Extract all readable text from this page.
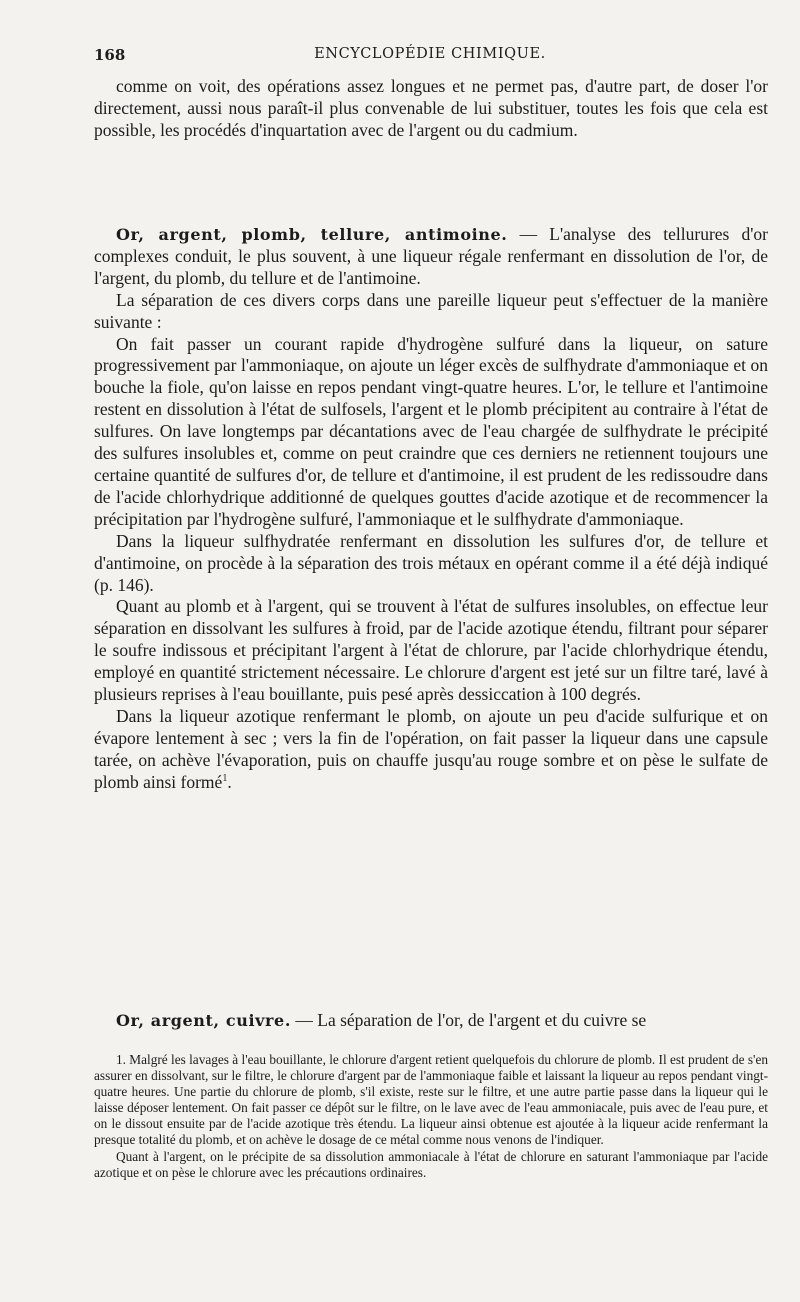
168	ENCYCLOPÉDIE CHIMIQUE.

comme on voit, des opérations assez longues et ne permet pas, d'autre part, de doser l'or directement, aussi nous paraît-il plus convenable de lui substituer, toutes les fois que cela est possible, les procédés d'inquartation avec de l'argent ou du cadmium.

Or, argent, plomb, tellure, antimoine. — L'analyse des tellurures d'or complexes conduit, le plus souvent, à une liqueur régale renfermant en dissolution de l'or, de l'argent, du plomb, du tellure et de l'antimoine.

La séparation de ces divers corps dans une pareille liqueur peut s'effectuer de la manière suivante :

On fait passer un courant rapide d'hydrogène sulfuré dans la liqueur, on sature progressivement par l'ammoniaque, on ajoute un léger excès de sulfhydrate d'ammoniaque et on bouche la fiole, qu'on laisse en repos pendant vingt-quatre heures. L'or, le tellure et l'antimoine restent en dissolution à l'état de sulfosels, l'argent et le plomb précipitent au contraire à l'état de sulfures. On lave longtemps par décantations avec de l'eau chargée de sulfhydrate le précipité des sulfures insolubles et, comme on peut craindre que ces derniers ne retiennent toujours une certaine quantité de sulfures d'or, de tellure et d'antimoine, il est prudent de les redissoudre dans de l'acide chlorhydrique additionné de quelques gouttes d'acide azotique et de recommencer la précipitation par l'hydrogène sulfuré, l'ammoniaque et le sulfhydrate d'ammoniaque.

Dans la liqueur sulfhydratée renfermant en dissolution les sulfures d'or, de tellure et d'antimoine, on procède à la séparation des trois métaux en opérant comme il a été déjà indiqué (p. 146).

Quant au plomb et à l'argent, qui se trouvent à l'état de sulfures insolubles, on effectue leur séparation en dissolvant les sulfures à froid, par de l'acide azotique étendu, filtrant pour séparer le soufre indissous et précipitant l'argent à l'état de chlorure, par l'acide chlorhydrique étendu, employé en quantité strictement nécessaire. Le chlorure d'argent est jeté sur un filtre taré, lavé à plusieurs reprises à l'eau bouillante, puis pesé après dessiccation à 100 degrés.

Dans la liqueur azotique renfermant le plomb, on ajoute un peu d'acide sulfurique et on évapore lentement à sec ; vers la fin de l'opération, on fait passer la liqueur dans une capsule tarée, on achève l'évaporation, puis on chauffe jusqu'au rouge sombre et on pèse le sulfate de plomb ainsi formé$^1$.

Or, argent, cuivre. — La séparation de l'or, de l'argent et du cuivre se

1. Malgré les lavages à l'eau bouillante, le chlorure d'argent retient quelquefois du chlorure de plomb. Il est prudent de s'en assurer en dissolvant, sur le filtre, le chlorure d'argent par de l'ammoniaque faible et laissant la liqueur au repos pendant vingt-quatre heures. Une partie du chlorure de plomb, s'il existe, reste sur le filtre, et une autre partie passe dans la liqueur qui le laisse déposer lentement. On fait passer ce dépôt sur le filtre, on le lave avec de l'eau ammoniacale, puis avec de l'eau pure, et on le dissout ensuite par de l'acide azotique très étendu. La liqueur ainsi obtenue est ajoutée à la liqueur acide renfermant la presque totalité du plomb, et on achève le dosage de ce métal comme nous venons de l'indiquer.

Quant à l'argent, on le précipite de sa dissolution ammoniacale à l'état de chlorure en saturant l'ammoniaque par l'acide azotique et on pèse le chlorure avec les précautions ordinaires.
